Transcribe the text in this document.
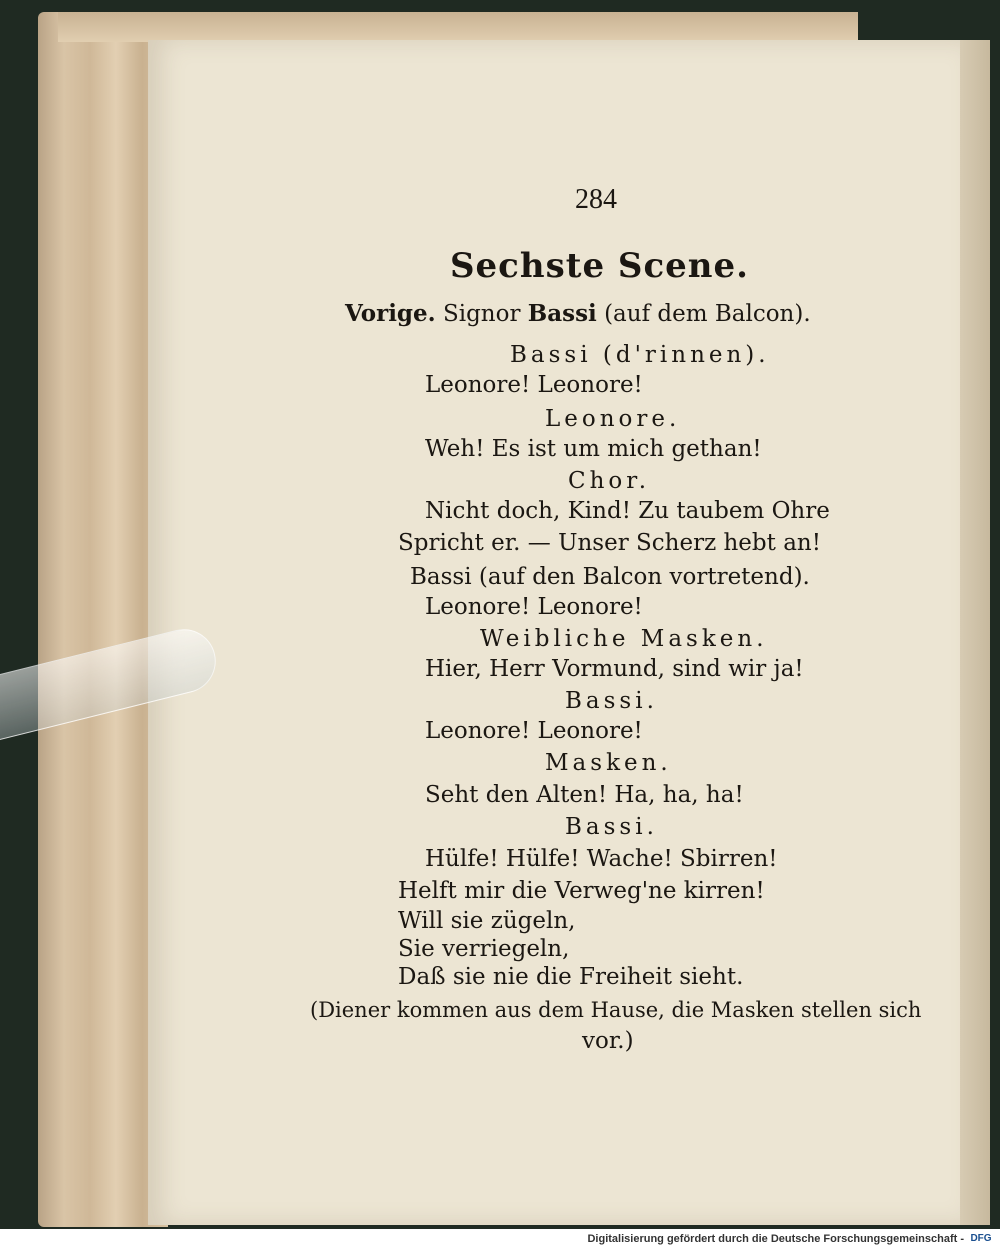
284
Sechste Scene.
Vorige. Signor Bassi (auf dem Balcon).
Bassi (d'rinnen).
Leonore! Leonore!
Leonore.
Weh! Es ist um mich gethan!
Chor.
Nicht doch, Kind! Zu taubem Ohre
Spricht er. — Unser Scherz hebt an!
Bassi (auf den Balcon vortretend).
Leonore! Leonore!
Weibliche Masken.
Hier, Herr Vormund, sind wir ja!
Bassi.
Leonore! Leonore!
Masken.
Seht den Alten! Ha, ha, ha!
Bassi.
Hülfe! Hülfe! Wache! Sbirren!
Helft mir die Verweg'ne kirren!
Will sie zügeln,
Sie verriegeln,
Daß sie nie die Freiheit sieht.
(Diener kommen aus dem Hause, die Masken stellen sich
vor.)
Digitalisierung gefördert durch die Deutsche Forschungsgemeinschaft - DFG
